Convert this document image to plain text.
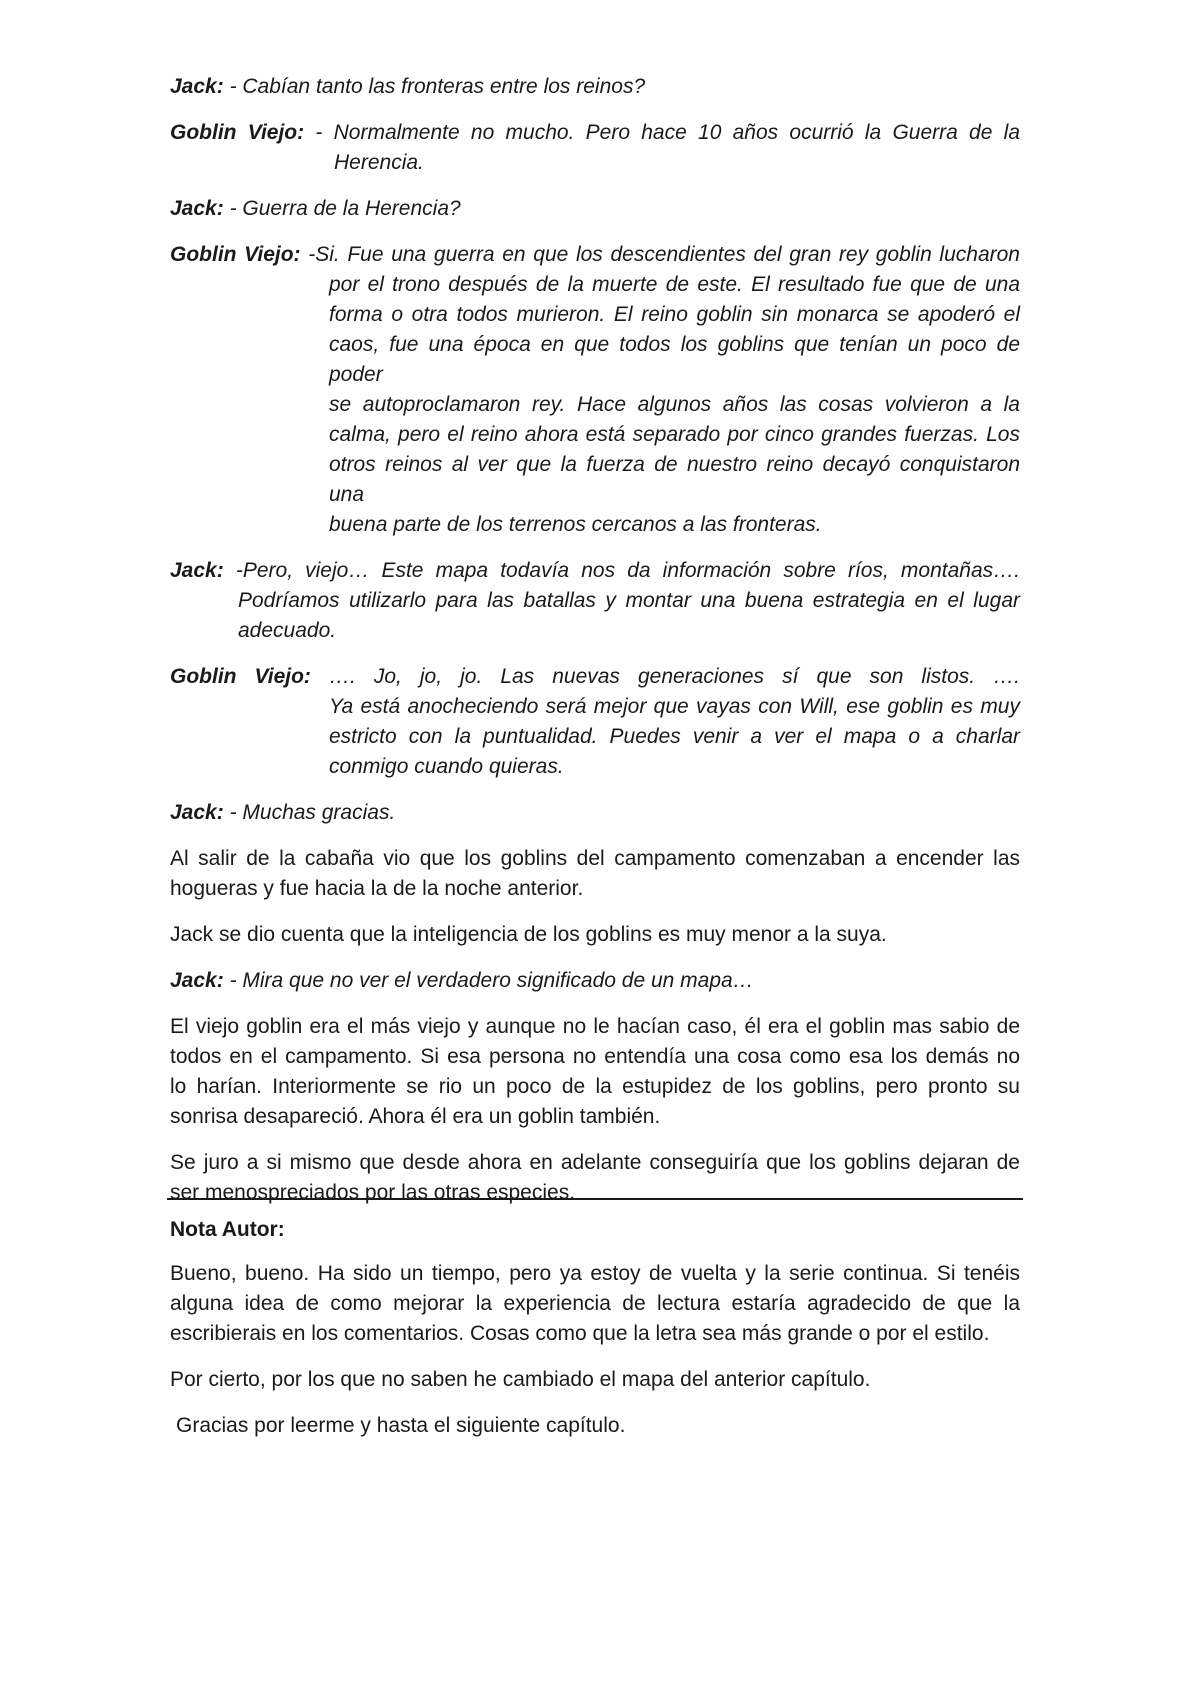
Jack: - Cabían tanto las fronteras entre los reinos?
Goblin Viejo: - Normalmente no mucho. Pero hace 10 años ocurrió la Guerra de la
Herencia.
Jack: - Guerra de la Herencia?
Goblin Viejo: -Si. Fue una guerra en que los descendientes del gran rey goblin lucharon
por el trono después de la muerte de este. El resultado fue que de una
forma o otra todos murieron. El reino goblin sin monarca se apoderó el
caos, fue una época en que todos los goblins que tenían un poco de poder
se autoproclamaron rey. Hace algunos años las cosas volvieron a la
calma, pero el reino ahora está separado por cinco grandes fuerzas. Los
otros reinos al ver que la fuerza de nuestro reino decayó conquistaron una
buena parte de los terrenos cercanos a las fronteras.
Jack: -Pero, viejo… Este mapa todavía nos da información sobre ríos, montañas….
Podríamos utilizarlo para las batallas y montar una buena estrategia en el lugar
adecuado.
Goblin Viejo: …. Jo, jo, jo. Las nuevas generaciones sí que son listos. ….
Ya está anocheciendo será mejor que vayas con Will, ese goblin es muy
estricto con la puntualidad. Puedes venir a ver el mapa o a charlar
conmigo cuando quieras.
Jack: - Muchas gracias.
Al salir de la cabaña vio que los goblins del campamento comenzaban a encender las
hogueras y fue hacia la de la noche anterior.
Jack se dio cuenta que la inteligencia de los goblins es muy menor a la suya.
Jack: - Mira que no ver el verdadero significado de un mapa…
El viejo goblin era el más viejo y aunque no le hacían caso, él era el goblin mas sabio de
todos en el campamento. Si esa persona no entendía una cosa como esa los demás no
lo harían. Interiormente se rio un poco de la estupidez de los goblins, pero pronto su
sonrisa desapareció. Ahora él era un goblin también.
Se juro a si mismo que desde ahora en adelante conseguiría que los goblins dejaran de
ser menospreciados por las otras especies.
Nota Autor:
Bueno, bueno. Ha sido un tiempo, pero ya estoy de vuelta y la serie continua. Si tenéis
alguna idea de como mejorar la experiencia de lectura estaría agradecido de que la
escribierais en los comentarios. Cosas como que la letra sea más grande o por el estilo.
Por cierto, por los que no saben he cambiado el mapa del anterior capítulo.
Gracias por leerme y hasta el siguiente capítulo.
